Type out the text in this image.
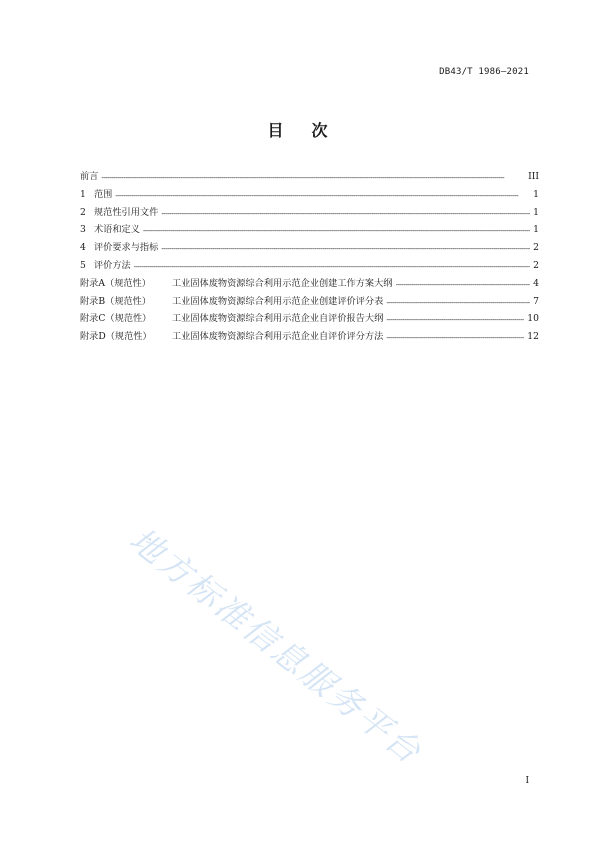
DB43/T 1986—2021
目 次
前言 -----	III
1 范围 -----	1
2 规范性引用文件 -----	1
3 术语和定义 -----	1
4 评价要求与指标 -----	2
5 评价方法 -----	2
附录A（规范性）	工业固体废物资源综合利用示范企业创建工作方案大纲 -----	4
附录B（规范性）	工业固体废物资源综合利用示范企业创建评价评分表 -----	7
附录C（规范性）	工业固体废物资源综合利用示范企业自评价报告大纲 -----	10
附录D（规范性）	工业固体废物资源综合利用示范企业自评价评分方法 -----	12
地方标准信息服务平台
I
